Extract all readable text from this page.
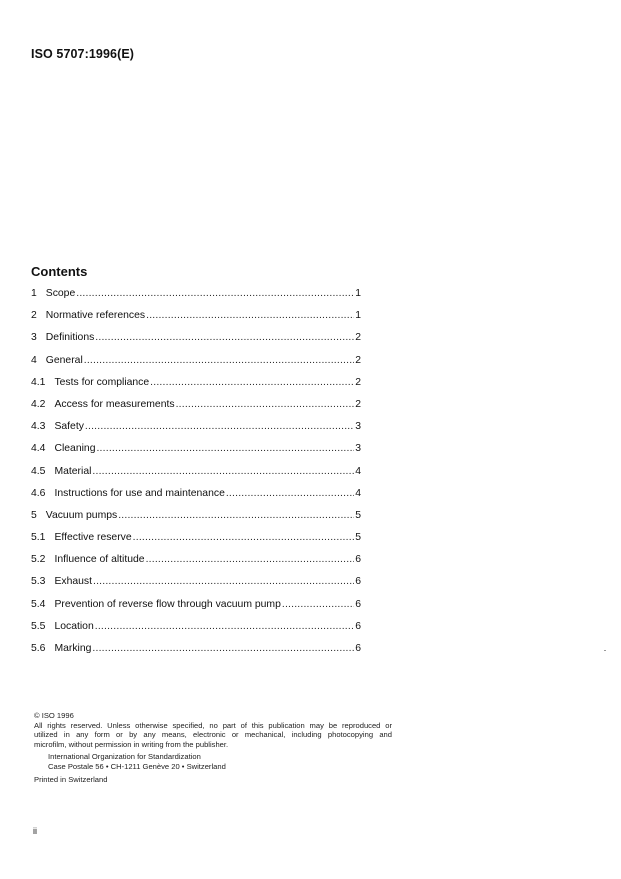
ISO 5707:1996(E)
Contents
1 Scope .....	1
2 Normative references .....	1
3 Definitions .....	2
4 General .....	2
4.1 Tests for compliance .....	2
4.2 Access for measurements .....	2
4.3 Safety .....	3
4.4 Cleaning .....	3
4.5 Material .....	4
4.6 Instructions for use and maintenance .....	4
5 Vacuum pumps .....	5
5.1 Effective reserve .....	5
5.2 Influence of altitude .....	6
5.3 Exhaust .....	6
5.4 Prevention of reverse flow through vacuum pump .....	6
5.5 Location .....	6
5.6 Marking .....	6
© ISO 1996
All rights reserved. Unless otherwise specified, no part of this publication may be reproduced or
utilized in any form or by any means, electronic or mechanical, including photocopying and
microfilm, without permission in writing from the publisher.
International Organization for Standardization
Case Postale 56 • CH-1211 Genève 20 • Switzerland
Printed in Switzerland
ii
